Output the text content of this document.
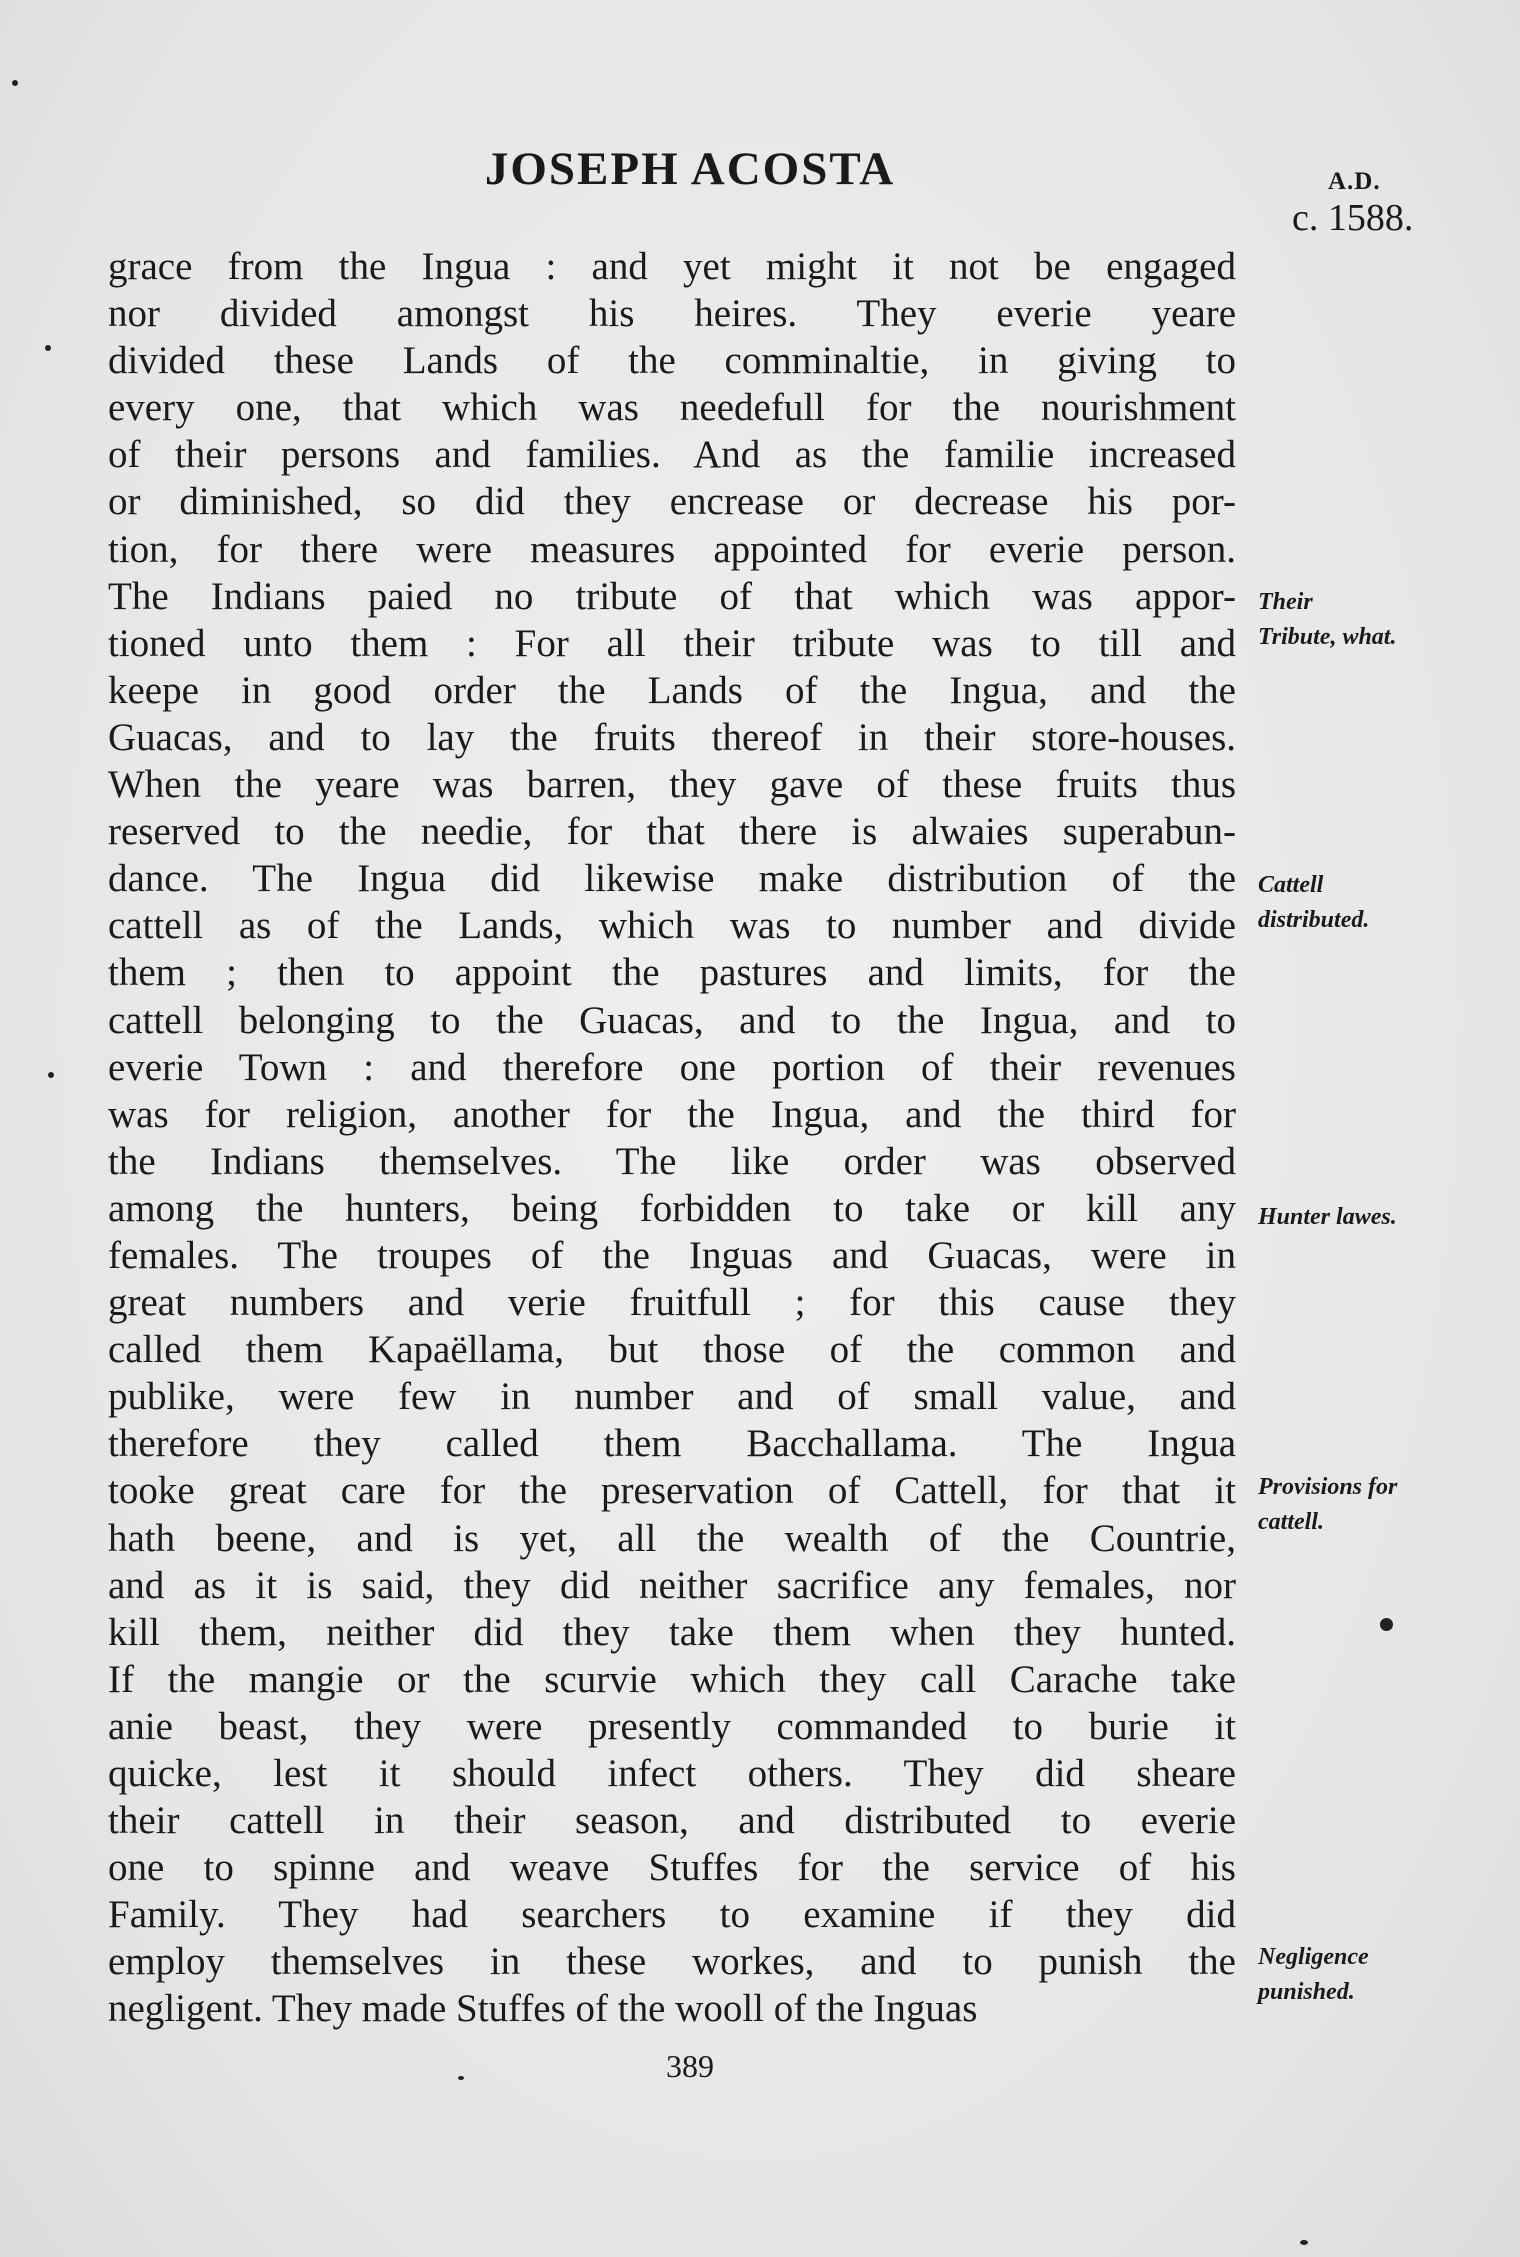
JOSEPH ACOSTA	A.D.
c. 1588.
grace from the Ingua : and yet might it not be engaged
nor divided amongst his heires. They everie yeare
divided these Lands of the comminaltie, in giving to
every one, that which was needefull for the nourishment
of their persons and families. And as the familie increased
or diminished, so did they encrease or decrease his por-
tion, for there were measures appointed for everie person.
The Indians paied no tribute of that which was appor-
tioned unto them : For all their tribute was to till and
keepe in good order the Lands of the Ingua, and the
Guacas, and to lay the fruits thereof in their store-houses.
When the yeare was barren, they gave of these fruits thus
reserved to the needie, for that there is alwaies superabun-
dance. The Ingua did likewise make distribution of the
cattell as of the Lands, which was to number and divide
them ; then to appoint the pastures and limits, for the
cattell belonging to the Guacas, and to the Ingua, and to
everie Town : and therefore one portion of their revenues
was for religion, another for the Ingua, and the third for
the Indians themselves. The like order was observed
among the hunters, being forbidden to take or kill any
females. The troupes of the Inguas and Guacas, were in
great numbers and verie fruitfull ; for this cause they
called them Kapaëllama, but those of the common and
publike, were few in number and of small value, and
therefore they called them Bacchallama. The Ingua
tooke great care for the preservation of Cattell, for that it
hath beene, and is yet, all the wealth of the Countrie,
and as it is said, they did neither sacrifice any females, nor
kill them, neither did they take them when they hunted.
If the mangie or the scurvie which they call Carache take
anie beast, they were presently commanded to burie it
quicke, lest it should infect others. They did sheare
their cattell in their season, and distributed to everie
one to spinne and weave Stuffes for the service of his
Family. They had searchers to examine if they did
employ themselves in these workes, and to punish the
negligent. They made Stuffes of the wooll of the Inguas
Their
Tribute, what.
Cattell
distributed.
Hunter lawes.
Provisions for
cattell.
Negligence
punished.
389
